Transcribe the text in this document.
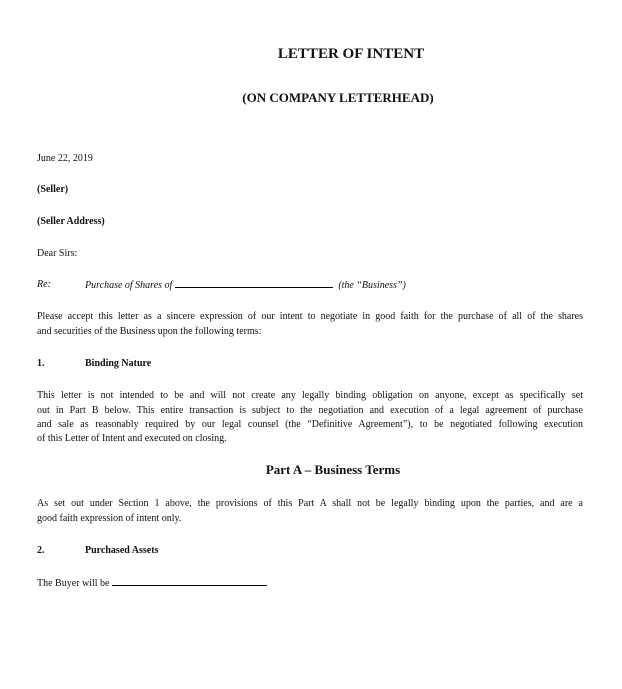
LETTER OF INTENT
(ON COMPANY LETTERHEAD)
June 22, 2019
(Seller)
(Seller Address)
Dear Sirs:
Re:	Purchase of Shares of	(the “Business”)
Please accept this letter as a sincere expression of our intent to negotiate in good faith for the purchase of all of the shares
and securities of the Business upon the following terms:
1.	Binding Nature
This letter is not intended to be and will not create any legally binding obligation on anyone, except as specifically set
out in Part B below. This entire transaction is subject to the negotiation and execution of a legal agreement of purchase
and sale as reasonably required by our legal counsel (the “Definitive Agreement”), to be negotiated following execution
of this Letter of Intent and executed on closing.
Part A – Business Terms
As set out under Section 1 above, the provisions of this Part A shall not be legally binding upon the parties, and are a
good faith expression of intent only.
2.	Purchased Assets
The Buyer will be
